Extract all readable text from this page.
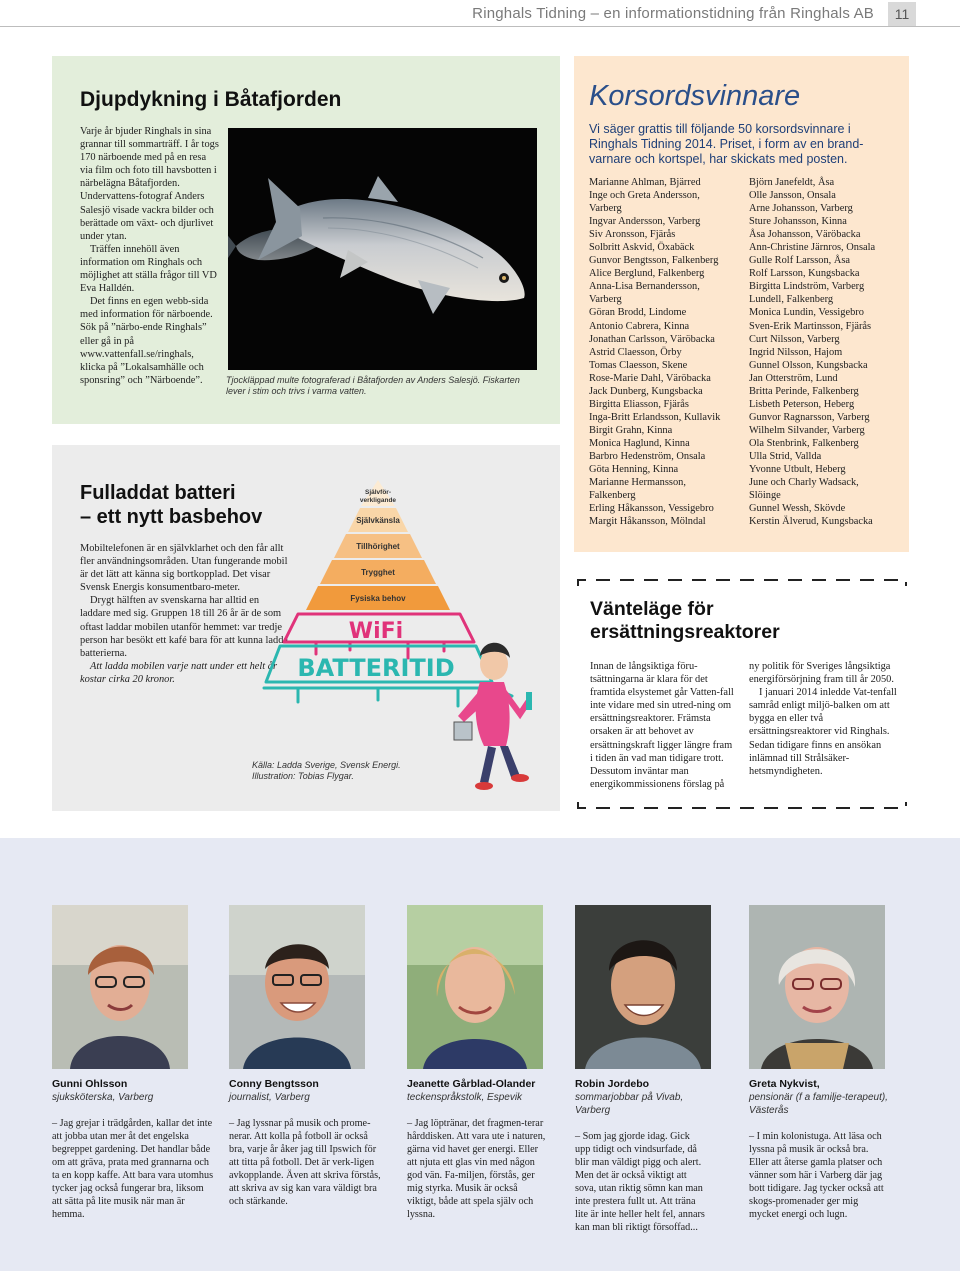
Ringhals Tidning – en informationstidning från Ringhals AB	11
Djupdykning i Båtafjorden

Varje år bjuder Ringhals in sina grannar till sommarträff. I år togs 170 närboende med på en resa via film och foto till havsbotten i närbelägna Båtafjorden. Undervattens-fotograf Anders Salesjö visade vackra bilder och berättade om växt- och djurlivet under ytan.

Träffen innehöll även information om Ringhals och möjlighet att ställa frågor till VD Eva Halldén.

Det finns en egen webb-sida med information för närboende. Sök på ”närbo-ende Ringhals” eller gå in på www.vattenfall.se/ringhals, klicka på ”Lokalsamhälle och sponsring” och ”Närboende”.	Tjockläppad multe fotograferad i Båtafjorden av Anders Salesjö. Fiskarten lever i stim och trivs i varma vatten.
Korsordsvinnare
Vi säger grattis till följande 50 korsordsvinnare i Ringhals Tidning 2014. Priset, i form av en brand-varnare och kortspel, har skickats med posten.
Marianne Ahlman, Bjärred
Inge och Greta Andersson,
Varberg
Ingvar Andersson, Varberg
Siv Aronsson, Fjärås
Solbritt Askvid, Öxabäck
Gunvor Bengtsson, Falkenberg
Alice Berglund, Falkenberg
Anna-Lisa Bernandersson,
Varberg
Göran Brodd, Lindome
Antonio Cabrera, Kinna
Jonathan Carlsson, Väröbacka
Astrid Claesson, Örby
Tomas Claesson, Skene
Rose-Marie Dahl, Väröbacka
Jack Dunberg, Kungsbacka
Birgitta Eliasson, Fjärås
Inga-Britt Erlandsson, Kullavik
Birgit Grahn, Kinna
Monica Haglund, Kinna
Barbro Hedenström, Onsala
Göta Henning, Kinna
Marianne Hermansson,
Falkenberg
Erling Håkansson, Vessigebro
Margit Håkansson, Mölndal
Björn Janefeldt, Åsa
Olle Jansson, Onsala
Arne Johansson, Varberg
Sture Johansson, Kinna
Åsa Johansson, Väröbacka
Ann-Christine Järnros, Onsala
Gulle Rolf Larsson, Åsa
Rolf Larsson, Kungsbacka
Birgitta Lindström, Varberg
Lundell, Falkenberg
Monica Lundin, Vessigebro
Sven-Erik Martinsson, Fjärås
Curt Nilsson, Varberg
Ingrid Nilsson, Hajom
Gunnel Olsson, Kungsbacka
Jan Otterström, Lund
Britta Perinde, Falkenberg
Lisbeth Peterson, Heberg
Gunvor Ragnarsson, Varberg
Wilhelm Silvander, Varberg
Ola Stenbrink, Falkenberg
Ulla Strid, Vallda
Yvonne Utbult, Heberg
June och Charly Wadsack,
Slöinge
Gunnel Wessh, Skövde
Kerstin Älverud, Kungsbacka
Fulladdat batteri
– ett nytt basbehov

Mobiltelefonen är en självklarhet och den får allt fler användningsområden. Utan fungerande mobil är det lätt att känna sig bortkopplad. Det visar Svensk Energis konsumentbaro-meter.

Drygt hälften av svenskarna har alltid en laddare med sig. Gruppen 18 till 26 år är de som oftast laddar mobilen utanför hemmet: var tredje person har besökt ett kafé bara för att kunna ladda batterierna.

Att ladda mobilen varje natt under ett helt år kostar cirka 20 kronor.

Självför-
verkligande
Självkänsla
Tillhörighet
Trygghet
Fysiska behov
WiFi
BATTERITID
Källa: Ladda Sverige, Svensk Energi.
Illustration: Tobias Flygar.
Vänteläge för
ersättningsreaktorer

Innan de långsiktiga föru-tsättningarna är klara för det framtida elsystemet går Vatten-fall inte vidare med sin utred-ning om ersättningsreaktorer. Främsta orsaken är att behovet av ersättningskraft ligger längre fram i tiden än vad man tidigare trott. Dessutom inväntar man energikommissionens förslag på

ny politik för Sveriges långsiktiga energiförsörjning fram till år 2050.

I januari 2014 inledde Vat-tenfall samråd enligt miljö-balken om att bygga en eller två ersättningsreaktorer vid Ringhals. Sedan tidigare finns en ansökan inlämnad till Strålsäker-hetsmyndigheten.

Gunni Ohlsson
sjuksköterska, Varberg

– Jag grejar i trädgården, kallar det inte att jobba utan mer åt det engelska begreppet gardening. Det handlar både om att gräva, prata med grannarna och ta en kopp kaffe. Att bara vara utomhus tycker jag också fungerar bra, liksom att sätta på lite musik när man är hemma.

Conny Bengtsson
journalist, Varberg

– Jag lyssnar på musik och prome-nerar. Att kolla på fotboll är också bra, varje år åker jag till Ipswich för att titta på fotboll. Det är verk-ligen avkopplande. Även att skriva förstås, att skriva av sig kan vara väldigt bra och stärkande.

Jeanette Gårblad-Olander
teckenspråkstolk, Espevik

– Jag löptränar, det fragmen-terar hårddisken. Att vara ute i naturen, gärna vid havet ger energi. Eller att njuta ett glas vin med någon god vän. Fa-miljen, förstås, ger mig styrka. Musik är också viktigt, både att spela själv och lyssna.

Robin Jordebo
sommarjobbar på Vivab, Varberg

– Som jag gjorde idag. Gick upp tidigt och vindsurfade, då blir man väldigt pigg och alert. Men det är också viktigt att sova, utan riktig sömn kan man inte prestera fullt ut. Att träna lite är inte heller helt fel, annars kan man bli riktigt försoffad...

Greta Nykvist,
pensionär (f a familje-terapeut), Västerås

– I min kolonistuga. Att läsa och lyssna på musik är också bra. Eller att återse gamla platser och vänner som här i Varberg där jag bott tidigare. Jag tycker också att skogs-promenader ger mig mycket energi och lugn.
